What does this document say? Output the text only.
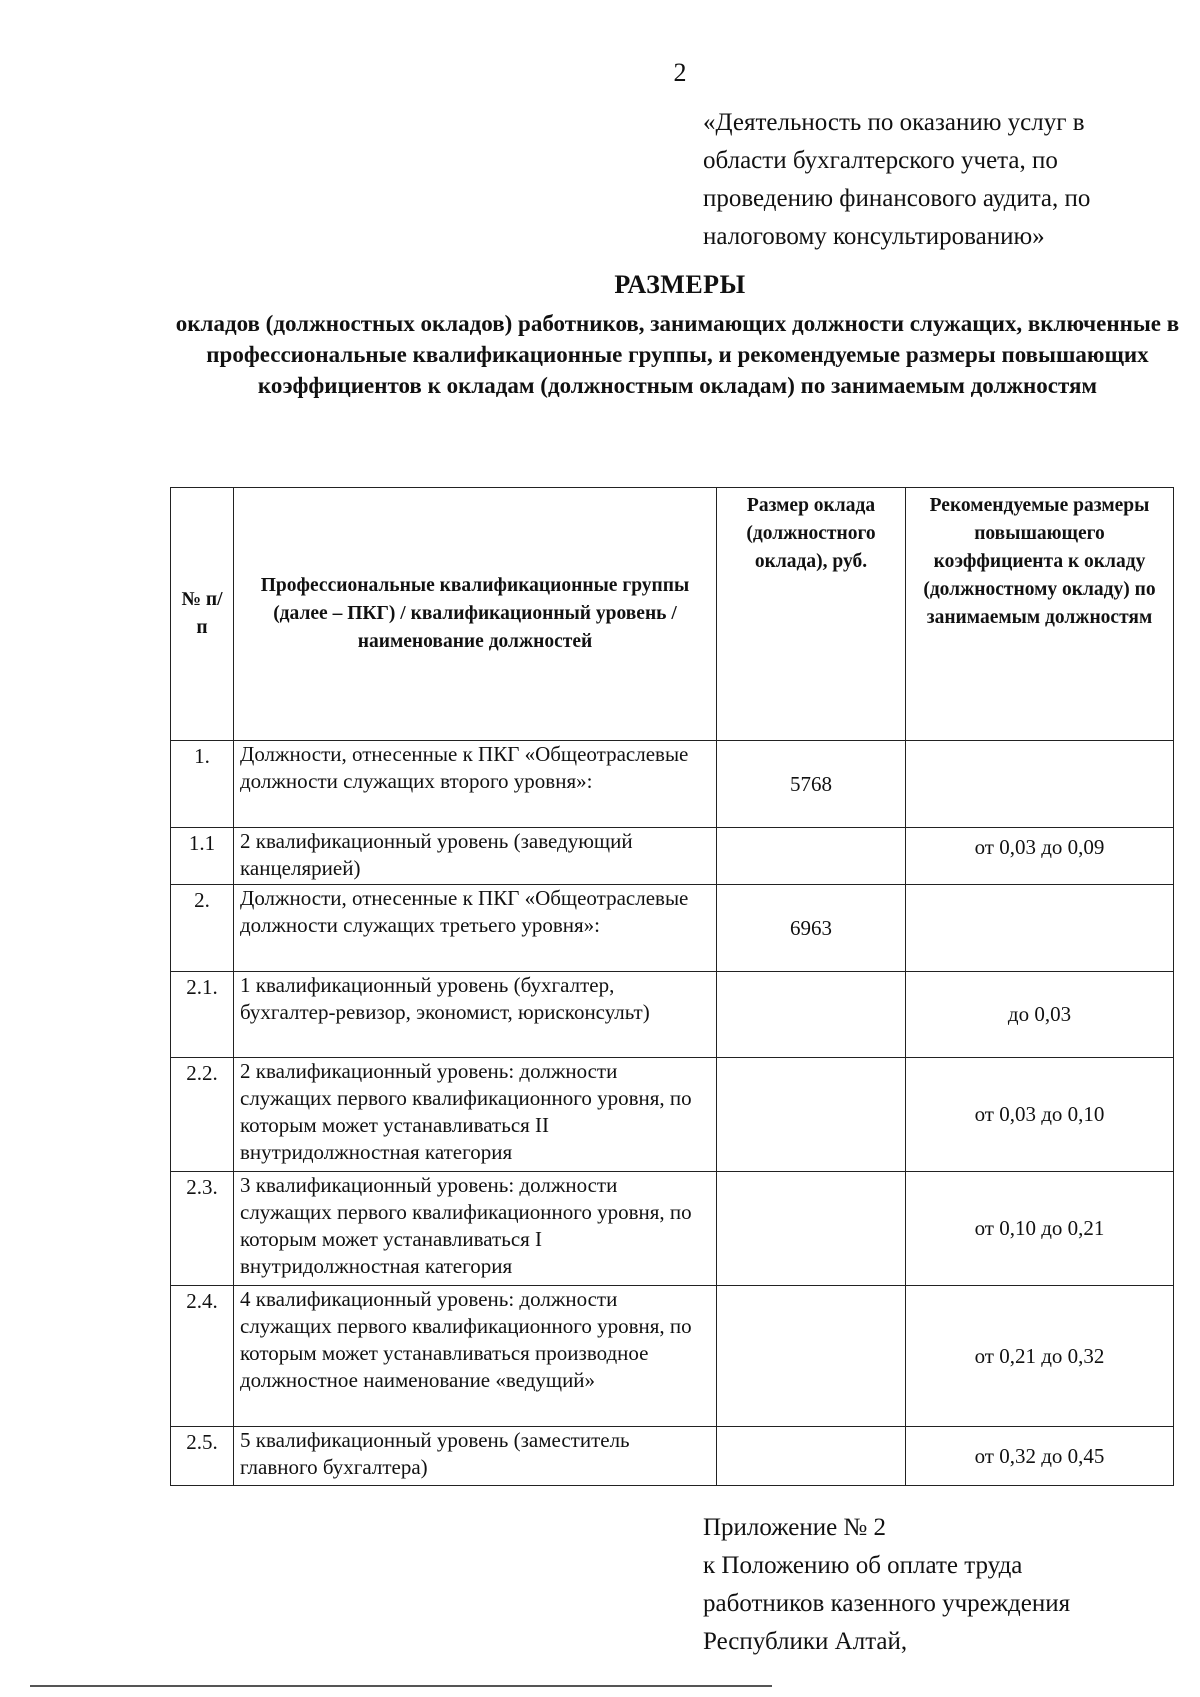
2
«Деятельность по оказанию услуг в
области бухгалтерского учета, по
проведению финансового аудита, по
налоговому консультированию»
РАЗМЕРЫ
окладов (должностных окладов) работников, занимающих должности служащих, включенные в профессиональные квалификационные группы, и рекомендуемые размеры повышающих коэффициентов к окладам (должностным окладам) по занимаемым должностям
№ п/п	Профессиональные квалификационные группы (далее – ПКГ) / квалификационный уровень / наименование должностей	Размер оклада (должностного оклада), руб.	Рекомендуемые размеры повышающего коэффициента к окладу (должностному окладу) по занимаемым должностям
1.	Должности, отнесенные к ПКГ «Общеотраслевые должности служащих второго уровня»:	5768	
1.1	2 квалификационный уровень (заведующий канцелярией)		от 0,03 до 0,09
2.	Должности, отнесенные к ПКГ «Общеотраслевые должности служащих третьего уровня»:	6963	
2.1.	1 квалификационный уровень (бухгалтер, бухгалтер-ревизор, экономист, юрисконсульт)		до 0,03
2.2.	2 квалификационный уровень: должности служащих первого квалификационного уровня, по которым может устанавливаться II внутридолжностная категория		от 0,03 до 0,10
2.3.	3 квалификационный уровень: должности служащих первого квалификационного уровня, по которым может устанавливаться I внутридолжностная категория		от 0,10 до 0,21
2.4.	4 квалификационный уровень: должности служащих первого квалификационного уровня, по которым может устанавливаться производное должностное наименование «ведущий»		от 0,21 до 0,32
2.5.	5 квалификационный уровень (заместитель главного бухгалтера)		от 0,32 до 0,45
Приложение № 2
к Положению об оплате труда
работников казенного учреждения
Республики Алтай,
